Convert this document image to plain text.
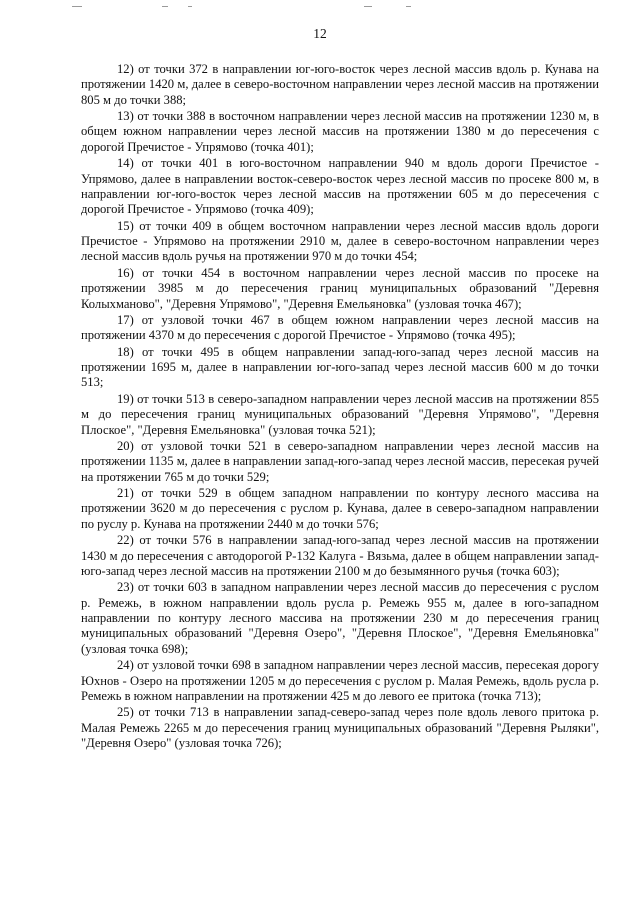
12

12) от точки 372 в направлении юг-юго-восток через лесной массив вдоль р. Кунава на протяжении 1420 м, далее в северо-восточном направлении через лесной массив на протяжении 805 м до точки 388;

13) от точки 388 в восточном направлении через лесной массив на протяжении 1230 м, в общем южном направлении через лесной массив на протяжении 1380 м до пересечения с дорогой Пречистое - Упрямово (точка 401);

14) от точки 401 в юго-восточном направлении 940 м вдоль дороги Пречистое - Упрямово, далее в направлении восток-северо-восток через лесной массив по просеке 800 м, в направлении юг-юго-восток через лесной массив на протяжении 605 м до пересечения с дорогой Пречистое - Упрямово (точка 409);

15) от точки 409 в общем восточном направлении через лесной массив вдоль дороги Пречистое - Упрямово на протяжении 2910 м, далее в северо-восточном направлении через лесной массив вдоль ручья на протяжении 970 м до точки 454;

16) от точки 454 в восточном направлении через лесной массив по просеке на протяжении 3985 м до пересечения границ муниципальных образований "Деревня Колыхманово", "Деревня Упрямово", "Деревня Емельяновка" (узловая точка 467);

17) от узловой точки 467 в общем южном направлении через лесной массив на протяжении 4370 м до пересечения с дорогой Пречистое - Упрямово (точка 495);

18) от точки 495 в общем направлении запад-юго-запад через лесной массив на протяжении 1695 м, далее в направлении юг-юго-запад через лесной массив 600 м до точки 513;

19) от точки 513 в северо-западном направлении через лесной массив на протяжении 855 м до пересечения границ муниципальных образований "Деревня Упрямово", "Деревня Плоское", "Деревня Емельяновка" (узловая точка 521);

20) от узловой точки 521 в северо-западном направлении через лесной массив на протяжении 1135 м, далее в направлении запад-юго-запад через лесной массив, пересекая ручей на протяжении 765 м до точки 529;

21) от точки 529 в общем западном направлении по контуру лесного массива на протяжении 3620 м до пересечения с руслом р. Кунава, далее в северо-западном направлении по руслу р. Кунава на протяжении 2440 м до точки 576;

22) от точки 576 в направлении запад-юго-запад через лесной массив на протяжении 1430 м до пересечения с автодорогой Р-132 Калуга - Вязьма, далее в общем направлении запад-юго-запад через лесной массив на протяжении 2100 м до безымянного ручья (точка 603);

23) от точки 603 в западном направлении через лесной массив до пересечения с руслом р. Ремежь, в южном направлении вдоль русла р. Ремежь 955 м, далее в юго-западном направлении по контуру лесного массива на протяжении 230 м до пересечения границ муниципальных образований "Деревня Озеро", "Деревня Плоское", "Деревня Емельяновка" (узловая точка 698);

24) от узловой точки 698 в западном направлении через лесной массив, пересекая дорогу Юхнов - Озеро на протяжении 1205 м до пересечения с руслом р. Малая Ремежь, вдоль русла р. Ремежь в южном направлении на протяжении 425 м до левого ее притока (точка 713);

25) от точки 713 в направлении запад-северо-запад через поле вдоль левого притока р. Малая Ремежь 2265 м до пересечения границ муниципальных образований "Деревня Рыляки", "Деревня Озеро" (узловая точка 726);
